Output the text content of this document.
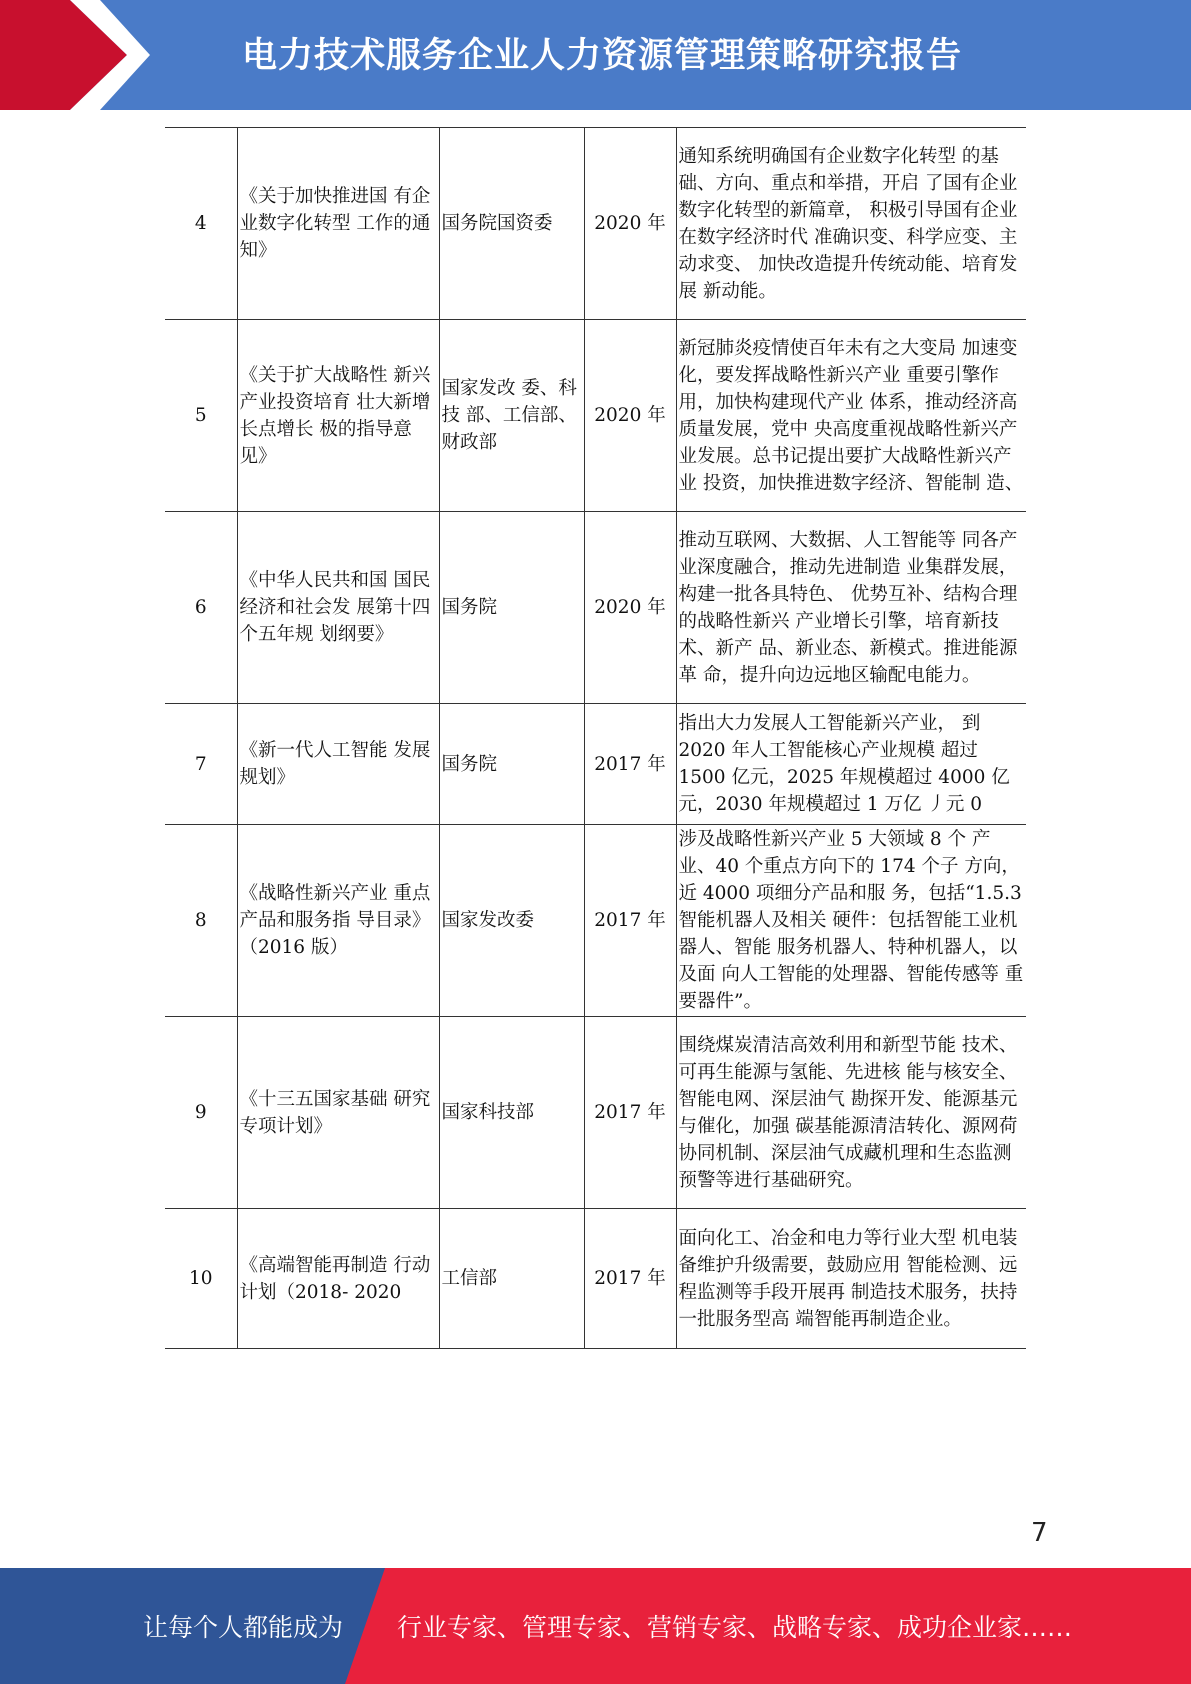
电力技术服务企业人力资源管理策略研究报告
4	《关于加快推进国 有企业数字化转型 工作的通知》	国务院国资委	2020 年	通知系统明确国有企业数字化转型 的基础、方向、重点和举措，开启 了国有企业数字化转型的新篇章， 积极引导国有企业在数字经济时代 准确识变、科学应变、主动求变、 加快改造提升传统动能、培育发展 新动能。
5	《关于扩大战略性 新兴产业投资培育 壮大新增长点增长 极的指导意见》	国家发改 委、科技 部、工信部、财政部	2020 年	新冠肺炎疫情使百年未有之大变局 加速变化，要发挥战略性新兴产业 重要引擎作用，加快构建现代产业 体系，推动经济高质量发展，党中 央高度重视战略性新兴产业发展。总书记提出要扩大战略性新兴产业 投资，加快推进数字经济、智能制 造、
6	《中华人民共和国 国民经济和社会发 展第十四个五年规 划纲要》	国务院	2020 年	推动互联网、大数据、人工智能等 同各产业深度融合，推动先进制造 业集群发展，构建一批各具特色、 优势互补、结构合理的战略性新兴 产业增长引擎，培育新技术、新产 品、新业态、新模式。推进能源革 命，提升向边远地区输配电能力。
7	《新一代人工智能 发展规划》	国务院	2017 年	指出大力发展人工智能新兴产业， 到 2020 年人工智能核心产业规模 超过 1500 亿元，2025 年规模超过 4000 亿元，2030 年规模超过 1 万亿 丿元 0
8	《战略性新兴产业 重点产品和服务指 导目录》（2016 版）	国家发改委	2017 年	涉及战略性新兴产业 5 大领域 8 个 产业、40 个重点方向下的 174 个子 方向，近 4000 项细分产品和服 务，包括“1.5.3 智能机器人及相关 硬件：包括智能工业机器人、智能 服务机器人、特种机器人，以及面 向人工智能的处理器、智能传感等 重要器件”。
9	《十三五国家基础 研究专项计划》	国家科技部	2017 年	围绕煤炭清洁高效利用和新型节能 技术、可再生能源与氢能、先进核 能与核安全、智能电网、深层油气 勘探开发、能源基元与催化，加强 碳基能源清洁转化、源网荷协同机制、深层油气成藏机理和生态监测 预警等进行基础研究。
10	《高端智能再制造 行动计划（2018- 2020	工信部	2017 年	面向化工、冶金和电力等行业大型 机电装备维护升级需要，鼓励应用 智能检测、远程监测等手段开展再 制造技术服务，扶持一批服务型高 端智能再制造企业。
7
让每个人都能成为 行业专家、管理专家、营销专家、战略专家、成功企业家……
